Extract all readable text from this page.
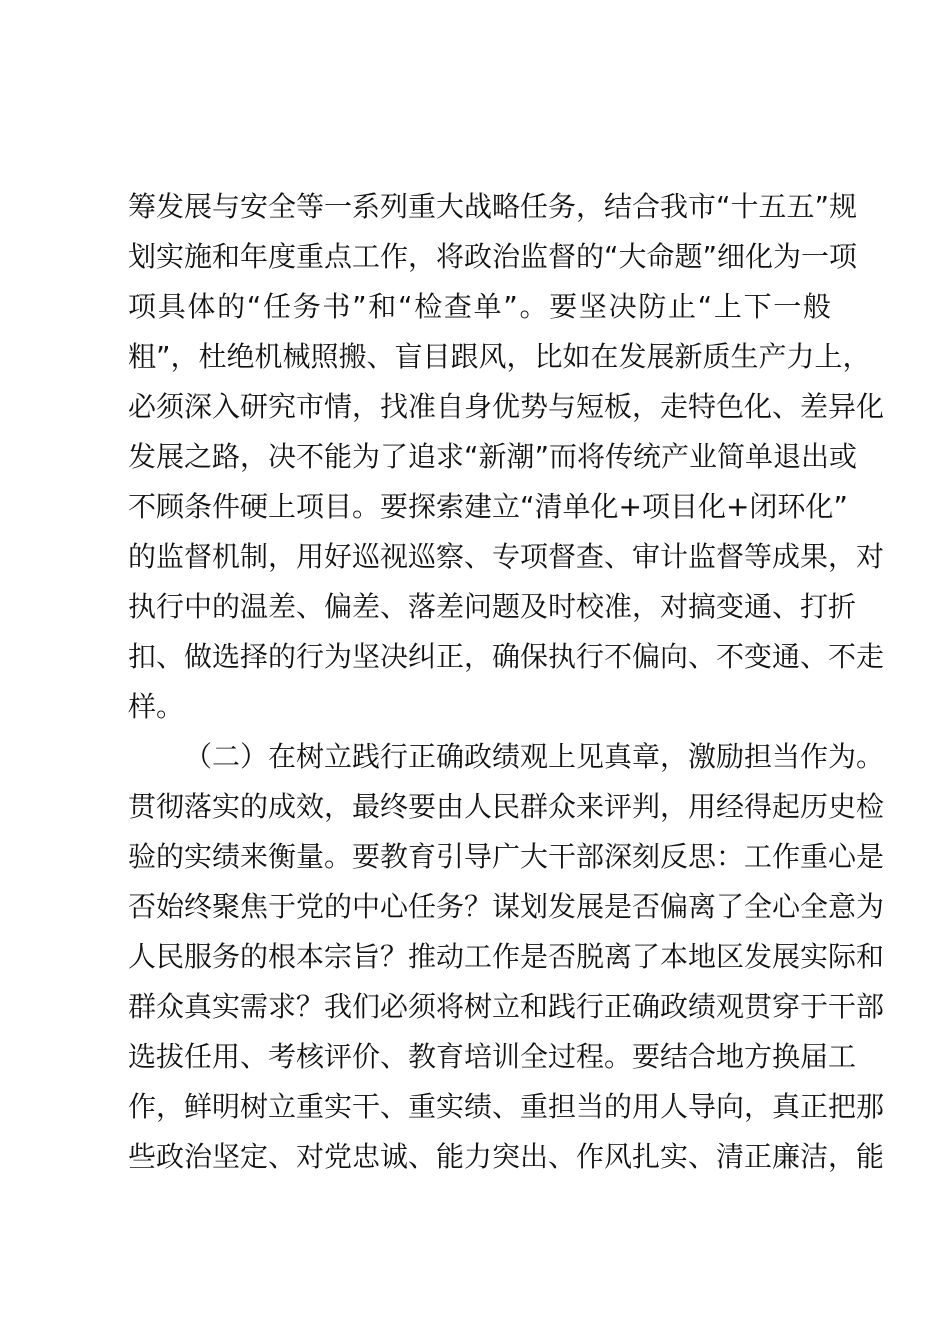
筹发展与安全等一系列重大战略任务，结合我市“十五五”规
划实施和年度重点工作，将政治监督的“大命题”细化为一项
项具体的“任务书”和“检查单”。要坚决防止“上下一般
粗”，杜绝机械照搬、盲目跟风，比如在发展新质生产力上，
必须深入研究市情，找准自身优势与短板，走特色化、差异化
发展之路，决不能为了追求“新潮”而将传统产业简单退出或
不顾条件硬上项目。要探索建立“清单化+项目化+闭环化”
的监督机制，用好巡视巡察、专项督查、审计监督等成果，对
执行中的温差、偏差、落差问题及时校准，对搞变通、打折
扣、做选择的行为坚决纠正，确保执行不偏向、不变通、不走
样。
（二）在树立践行正确政绩观上见真章，激励担当作为。
贯彻落实的成效，最终要由人民群众来评判，用经得起历史检
验的实绩来衡量。要教育引导广大干部深刻反思：工作重心是
否始终聚焦于党的中心任务？谋划发展是否偏离了全心全意为
人民服务的根本宗旨？推动工作是否脱离了本地区发展实际和
群众真实需求？我们必须将树立和践行正确政绩观贯穿于干部
选拔任用、考核评价、教育培训全过程。要结合地方换届工
作，鲜明树立重实干、重实绩、重担当的用人导向，真正把那
些政治坚定、对党忠诚、能力突出、作风扎实、清正廉洁，能
